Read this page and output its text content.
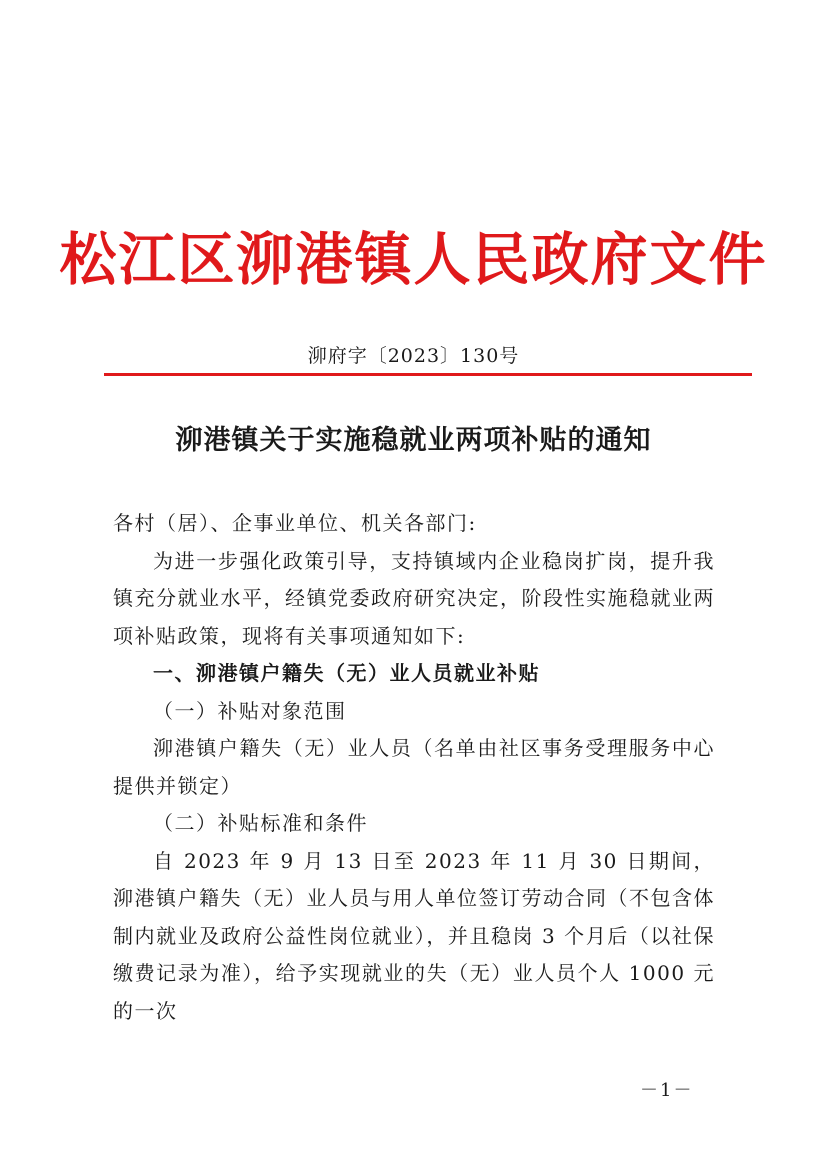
松江区泖港镇人民政府文件
泖府字〔2023〕130号
泖港镇关于实施稳就业两项补贴的通知

各村（居）、企事业单位、机关各部门:

为进一步强化政策引导，支持镇域内企业稳岗扩岗，提升我镇充分就业水平，经镇党委政府研究决定，阶段性实施稳就业两项补贴政策，现将有关事项通知如下:

一、泖港镇户籍失（无）业人员就业补贴

（一）补贴对象范围

泖港镇户籍失（无）业人员（名单由社区事务受理服务中心提供并锁定）

（二）补贴标准和条件

自 2023 年 9 月 13 日至 2023 年 11 月 30 日期间，泖港镇户籍失（无）业人员与用人单位签订劳动合同（不包含体制内就业及政府公益性岗位就业），并且稳岗 3 个月后（以社保缴费记录为准），给予实现就业的失（无）业人员个人 1000 元的一次

－1－
